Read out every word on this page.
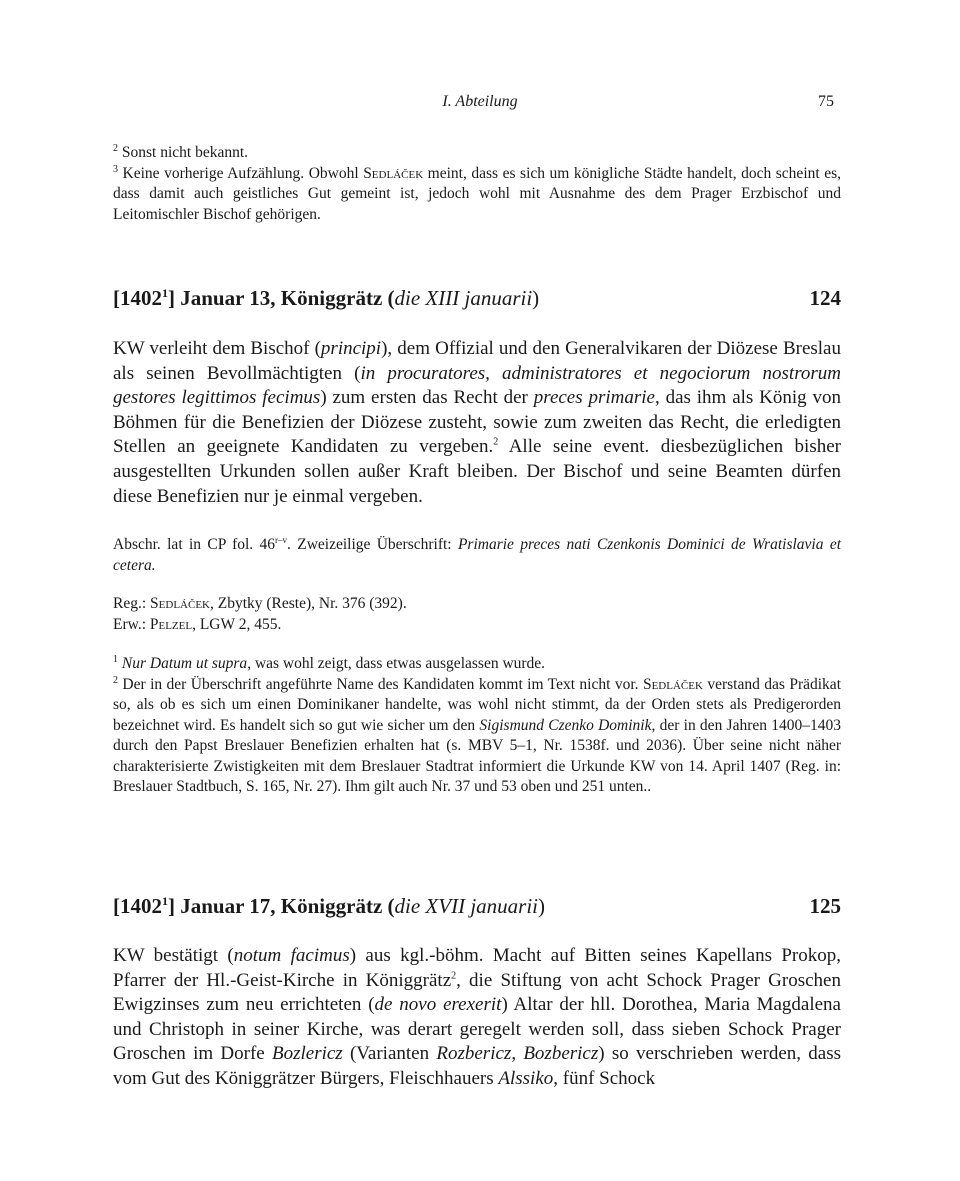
I. Abteilung	75

$^2$ Sonst nicht bekannt.

$^3$ Keine vorherige Aufzählung. Obwohl Sedláček meint, dass es sich um königliche Städte handelt, doch scheint es, dass damit auch geistliches Gut gemeint ist, jedoch wohl mit Ausnahme des dem Prager Erzbischof und Leitomischler Bischof gehörigen.

[1402$^1$] Januar 13, Königgrätz (die XIII januarii)	124

KW verleiht dem Bischof (principi), dem Offizial und den Generalvikaren der Diözese Breslau als seinen Bevollmächtigten (in procuratores, administratores et negociorum nostrorum gestores legittimos fecimus) zum ersten das Recht der preces primarie, das ihm als König von Böhmen für die Benefizien der Diözese zusteht, sowie zum zweiten das Recht, die erledigten Stellen an geeignete Kandidaten zu vergeben.$^2$ Alle seine event. diesbezüglichen bisher ausgestellten Urkunden sollen außer Kraft bleiben. Der Bischof und seine Beamten dürfen diese Benefizien nur je einmal vergeben.

Abschr. lat in CP fol. 46$^{r-v}$. Zweizeilige Überschrift: Primarie preces nati Czenkonis Dominici de Wratislavia et cetera.

Reg.: Sedláček, Zbytky (Reste), Nr. 376 (392).

Erw.: Pelzel, LGW 2, 455.

$^1$ Nur Datum ut supra, was wohl zeigt, dass etwas ausgelassen wurde.

$^2$ Der in der Überschrift angeführte Name des Kandidaten kommt im Text nicht vor. Sedláček verstand das Prädikat so, als ob es sich um einen Dominikaner handelte, was wohl nicht stimmt, da der Orden stets als Predigerorden bezeichnet wird. Es handelt sich so gut wie sicher um den Sigismund Czenko Dominik, der in den Jahren 1400–1403 durch den Papst Breslauer Benefizien erhalten hat (s. MBV 5–1, Nr. 1538f. und 2036). Über seine nicht näher charakterisierte Zwistigkeiten mit dem Breslauer Stadtrat informiert die Urkunde KW von 14. April 1407 (Reg. in: Breslauer Stadtbuch, S. 165, Nr. 27). Ihm gilt auch Nr. 37 und 53 oben und 251 unten..

[1402$^1$] Januar 17, Königgrätz (die XVII januarii)	125

KW bestätigt (notum facimus) aus kgl.-böhm. Macht auf Bitten seines Kapellans Prokop, Pfarrer der Hl.-Geist-Kirche in Königgrätz$^2$, die Stiftung von acht Schock Prager Groschen Ewigzinses zum neu errichteten (de novo erexerit) Altar der hll. Dorothea, Maria Magdalena und Christoph in seiner Kirche, was derart geregelt werden soll, dass sieben Schock Prager Groschen im Dorfe Bozlericz (Varianten Rozbericz, Bozbericz) so verschrieben werden, dass vom Gut des Königgrätzer Bürgers, Fleischhauers Alssiko, fünf Schock
